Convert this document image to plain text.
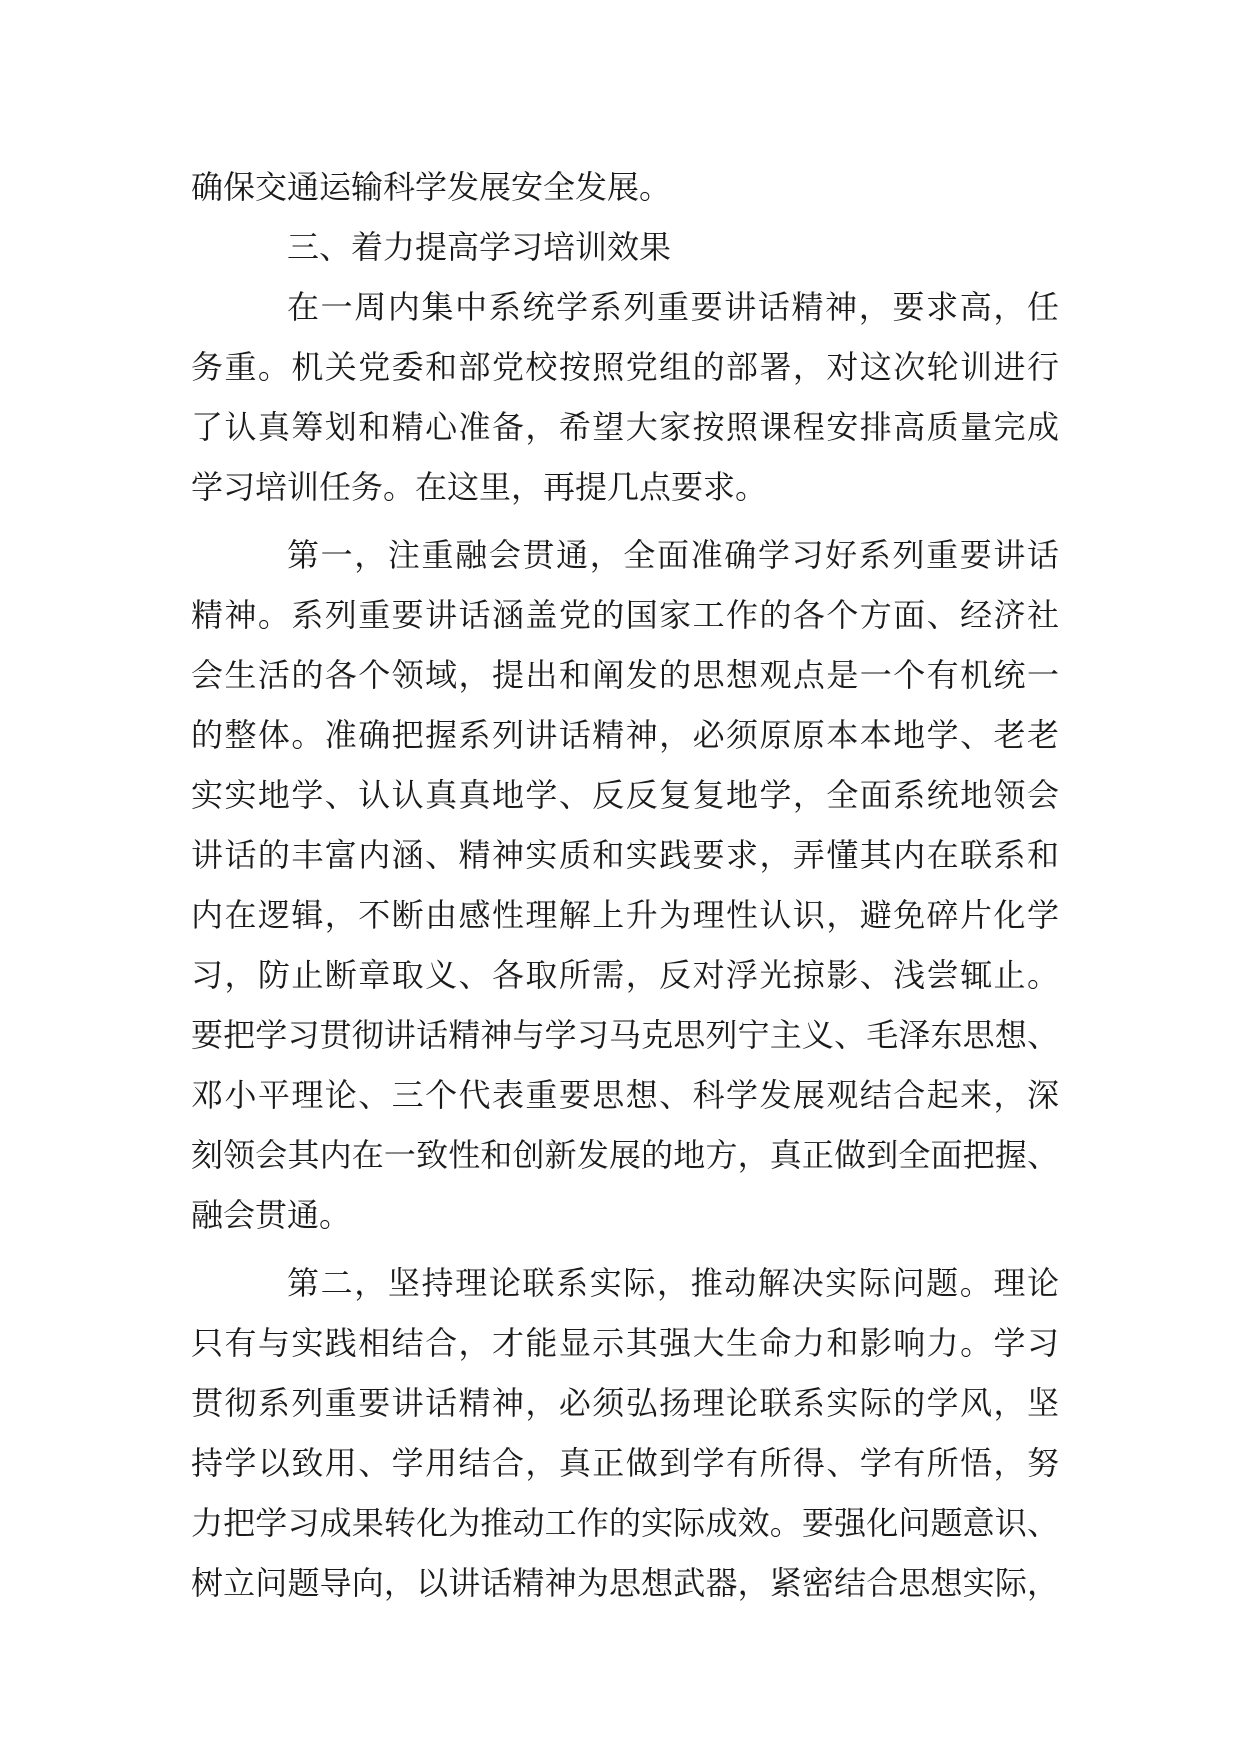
确保交通运输科学发展安全发展。
三、着力提高学习培训效果
在一周内集中系统学系列重要讲话精神，要求高，任
务重。机关党委和部党校按照党组的部署，对这次轮训进行
了认真筹划和精心准备，希望大家按照课程安排高质量完成
学习培训任务。在这里，再提几点要求。
第一，注重融会贯通，全面准确学习好系列重要讲话
精神。系列重要讲话涵盖党的国家工作的各个方面、经济社
会生活的各个领域，提出和阐发的思想观点是一个有机统一
的整体。准确把握系列讲话精神，必须原原本本地学、老老
实实地学、认认真真地学、反反复复地学，全面系统地领会
讲话的丰富内涵、精神实质和实践要求，弄懂其内在联系和
内在逻辑，不断由感性理解上升为理性认识，避免碎片化学
习，防止断章取义、各取所需，反对浮光掠影、浅尝辄止。
要把学习贯彻讲话精神与学习马克思列宁主义、毛泽东思想、
邓小平理论、三个代表重要思想、科学发展观结合起来，深
刻领会其内在一致性和创新发展的地方，真正做到全面把握、
融会贯通。
第二，坚持理论联系实际，推动解决实际问题。理论
只有与实践相结合，才能显示其强大生命力和影响力。学习
贯彻系列重要讲话精神，必须弘扬理论联系实际的学风，坚
持学以致用、学用结合，真正做到学有所得、学有所悟，努
力把学习成果转化为推动工作的实际成效。要强化问题意识、
树立问题导向，以讲话精神为思想武器，紧密结合思想实际，
